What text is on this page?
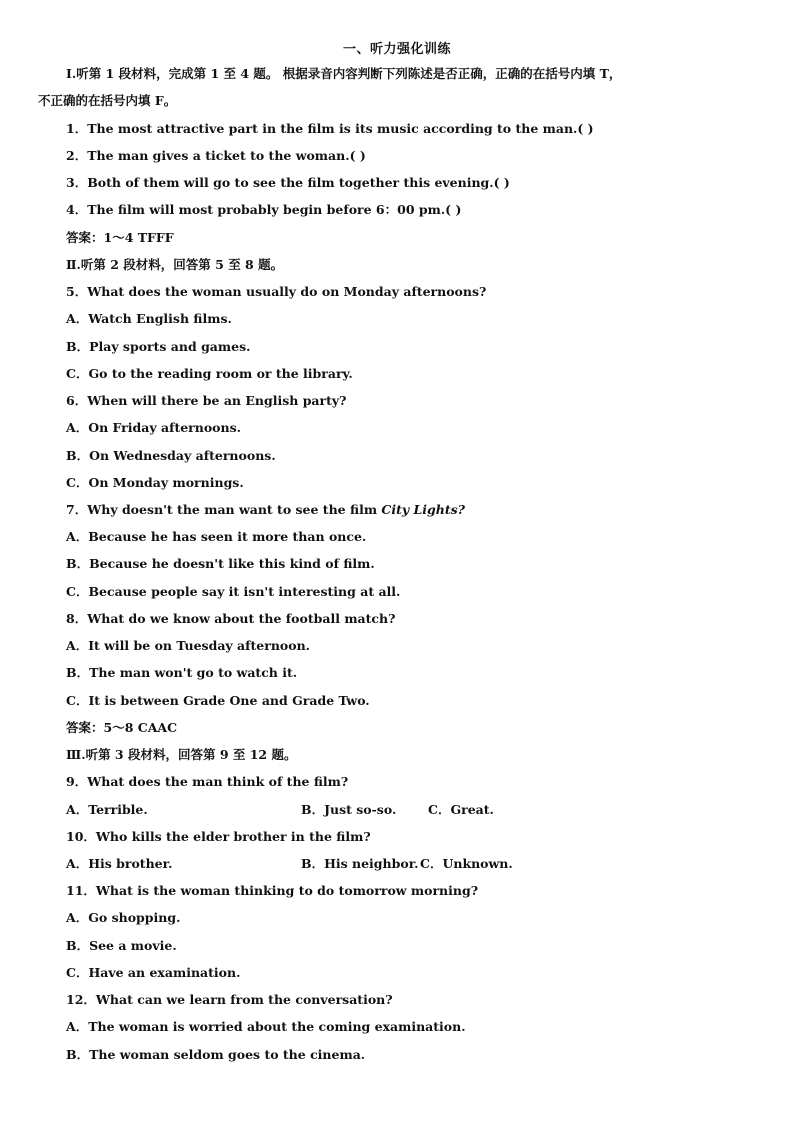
一、听力强化训练
Ⅰ.听第 1 段材料，完成第 1 至 4 题。 根据录音内容判断下列陈述是否正确，正确的在括号内填 T，
不正确的在括号内填 F。
1．The most attractive part in the film is its music according to the man.( )
2．The man gives a ticket to the woman.( )
3．Both of them will go to see the film together this evening.( )
4．The film will most probably begin before 6：00 pm.( )
答案：1～4 TFFF
Ⅱ.听第 2 段材料，回答第 5 至 8 题。
5．What does the woman usually do on Monday afternoons?
A．Watch English films.
B．Play sports and games.
C．Go to the reading room or the library.
6．When will there be an English party?
A．On Friday afternoons.
B．On Wednesday afternoons.
C．On Monday mornings.
7．Why doesn't the man want to see the film City Lights?
A．Because he has seen it more than once.
B．Because he doesn't like this kind of film.
C．Because people say it isn't interesting at all.
8．What do we know about the football match?
A．It will be on Tuesday afternoon.
B．The man won't go to watch it.
C．It is between Grade One and Grade Two.
答案：5～8 CAAC
Ⅲ.听第 3 段材料，回答第 9 至 12 题。
9．What does the man think of the film?
A．Terrible.	B．Just so-so.	C．Great.
10．Who kills the elder brother in the film?
A．His brother.	B．His neighbor. C．Unknown.
11．What is the woman thinking to do tomorrow morning?
A．Go shopping.
B．See a movie.
C．Have an examination.
12．What can we learn from the conversation?
A．The woman is worried about the coming examination.
B．The woman seldom goes to the cinema.
